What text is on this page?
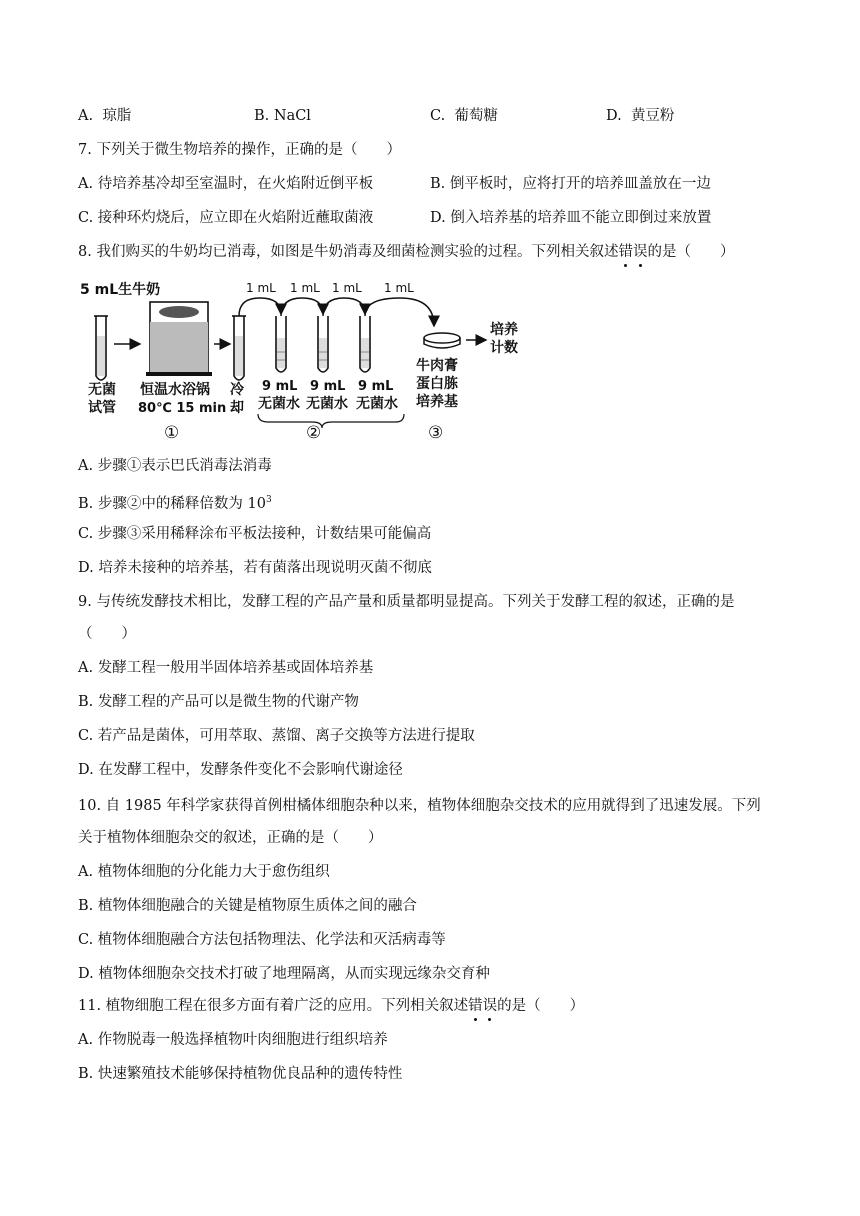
A. 琼脂	B. NaCl	C. 葡萄糖	D. 黄豆粉
7. 下列关于微生物培养的操作，正确的是（　　）
A. 待培养基冷却至室温时，在火焰附近倒平板	B. 倒平板时，应将打开的培养皿盖放在一边
C. 接种环灼烧后，应立即在火焰附近蘸取菌液	D. 倒入培养基的培养皿不能立即倒过来放置
8. 我们购买的牛奶均已消毒，如图是牛奶消毒及细菌检测实验的过程。下列相关叙述错误的是（　　）
5 mL生牛奶
无菌
试管
恒温水浴锅
80℃ 15 min
冷
却
1 mL 1 mL 1 mL 1 mL
9 mL 9 mL 9 mL
无菌水 无菌水 无菌水
培养
计数
牛肉膏
蛋白胨
培养基
①	②	③
A. 步骤①表示巴氏消毒法消毒
B. 步骤②中的稀释倍数为 $10^3$
C. 步骤③采用稀释涂布平板法接种，计数结果可能偏高
D. 培养未接种的培养基，若有菌落出现说明灭菌不彻底
9. 与传统发酵技术相比，发酵工程的产品产量和质量都明显提高。下列关于发酵工程的叙述，正确的是
（　　）
A. 发酵工程一般用半固体培养基或固体培养基
B. 发酵工程的产品可以是微生物的代谢产物
C. 若产品是菌体，可用萃取、蒸馏、离子交换等方法进行提取
D. 在发酵工程中，发酵条件变化不会影响代谢途径
10. 自 1985 年科学家获得首例柑橘体细胞杂种以来，植物体细胞杂交技术的应用就得到了迅速发展。下列
关于植物体细胞杂交的叙述，正确的是（　　）
A. 植物体细胞的分化能力大于愈伤组织
B. 植物体细胞融合的关键是植物原生质体之间的融合
C. 植物体细胞融合方法包括物理法、化学法和灭活病毒等
D. 植物体细胞杂交技术打破了地理隔离，从而实现远缘杂交育种
11. 植物细胞工程在很多方面有着广泛的应用。下列相关叙述错误的是（　　）
A. 作物脱毒一般选择植物叶肉细胞进行组织培养
B. 快速繁殖技术能够保持植物优良品种的遗传特性
